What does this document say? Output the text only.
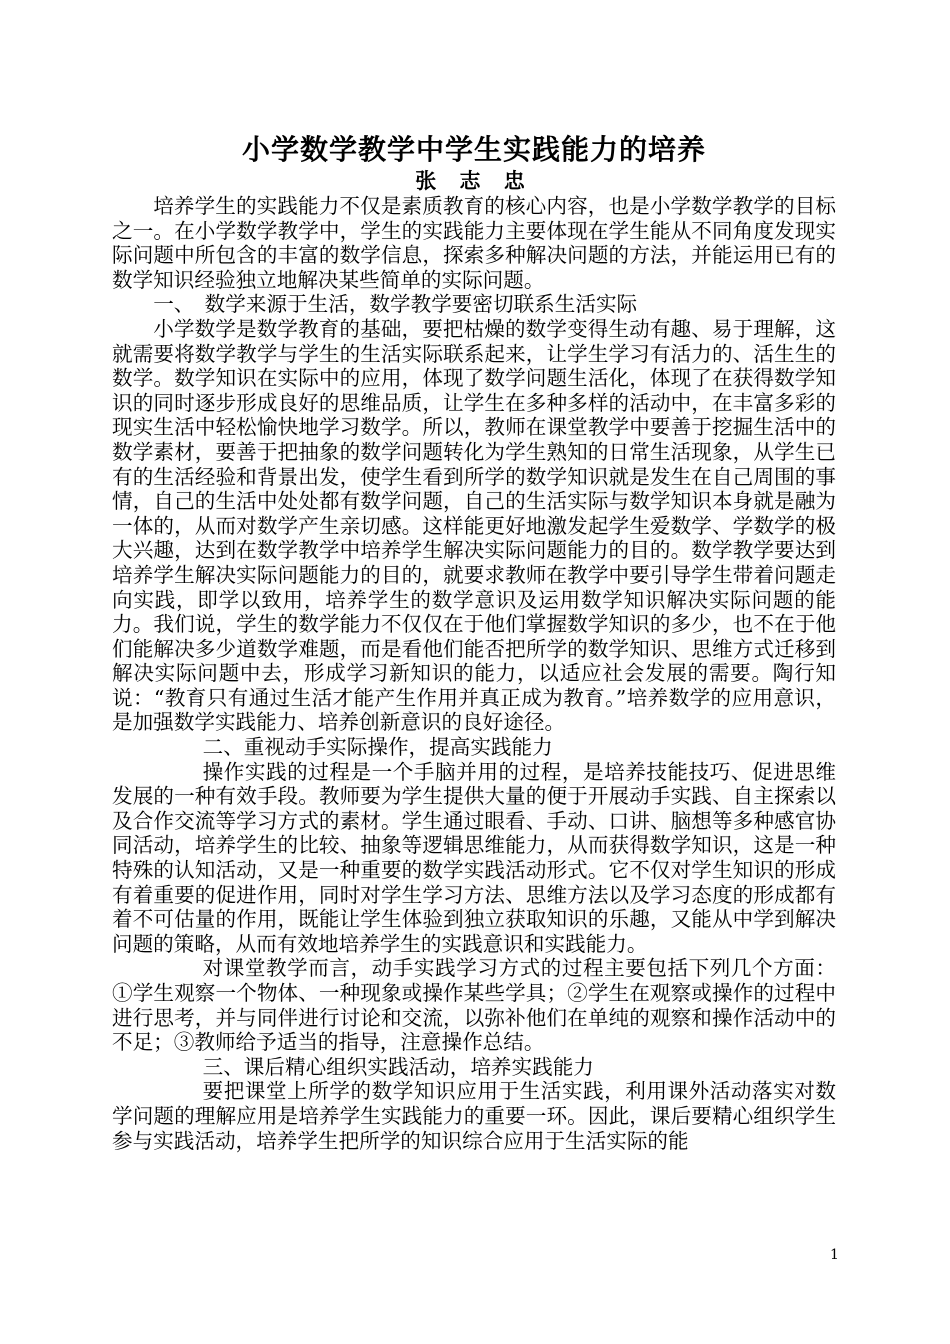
小学数学教学中学生实践能力的培养
张 志 忠

培养学生的实践能力不仅是素质教育的核心内容，也是小学数学教学的目标之一。在小学数学教学中，学生的实践能力主要体现在学生能从不同角度发现实际问题中所包含的丰富的数学信息，探索多种解决问题的方法，并能运用已有的数学知识经验独立地解决某些简单的实际问题。

一、　数学来源于生活，数学教学要密切联系生活实际

小学数学是数学教育的基础，要把枯燥的数学变得生动有趣、易于理解，这就需要将数学教学与学生的生活实际联系起来，让学生学习有活力的、活生生的数学。数学知识在实际中的应用，体现了数学问题生活化，体现了在获得数学知识的同时逐步形成良好的思维品质，让学生在多种多样的活动中，在丰富多彩的现实生活中轻松愉快地学习数学。所以，教师在课堂教学中要善于挖掘生活中的数学素材，要善于把抽象的数学问题转化为学生熟知的日常生活现象，从学生已有的生活经验和背景出发，使学生看到所学的数学知识就是发生在自己周围的事情，自己的生活中处处都有数学问题，自己的生活实际与数学知识本身就是融为一体的，从而对数学产生亲切感。这样能更好地激发起学生爱数学、学数学的极大兴趣，达到在数学教学中培养学生解决实际问题能力的目的。数学教学要达到培养学生解决实际问题能力的目的，就要求教师在教学中要引导学生带着问题走向实践，即学以致用，培养学生的数学意识及运用数学知识解决实际问题的能力。我们说，学生的数学能力不仅仅在于他们掌握数学知识的多少，也不在于他们能解决多少道数学难题，而是看他们能否把所学的数学知识、思维方式迁移到解决实际问题中去，形成学习新知识的能力，以适应社会发展的需要。陶行知说：“教育只有通过生活才能产生作用并真正成为教育。”培养数学的应用意识，是加强数学实践能力、培养创新意识的良好途径。

二、重视动手实际操作，提高实践能力

操作实践的过程是一个手脑并用的过程，是培养技能技巧、促进思维发展的一种有效手段。教师要为学生提供大量的便于开展动手实践、自主探索以及合作交流等学习方式的素材。学生通过眼看、手动、口讲、脑想等多种感官协同活动，培养学生的比较、抽象等逻辑思维能力，从而获得数学知识，这是一种特殊的认知活动，又是一种重要的数学实践活动形式。它不仅对学生知识的形成有着重要的促进作用，同时对学生学习方法、思维方法以及学习态度的形成都有着不可估量的作用，既能让学生体验到独立获取知识的乐趣，又能从中学到解决问题的策略，从而有效地培养学生的实践意识和实践能力。

对课堂教学而言，动手实践学习方式的过程主要包括下列几个方面：①学生观察一个物体、一种现象或操作某些学具；②学生在观察或操作的过程中进行思考，并与同伴进行讨论和交流，以弥补他们在单纯的观察和操作活动中的不足；③教师给予适当的指导，注意操作总结。

三、课后精心组织实践活动，培养实践能力

要把课堂上所学的数学知识应用于生活实践，利用课外活动落实对数学问题的理解应用是培养学生实践能力的重要一环。因此，课后要精心组织学生参与实践活动，培养学生把所学的知识综合应用于生活实际的能

1
